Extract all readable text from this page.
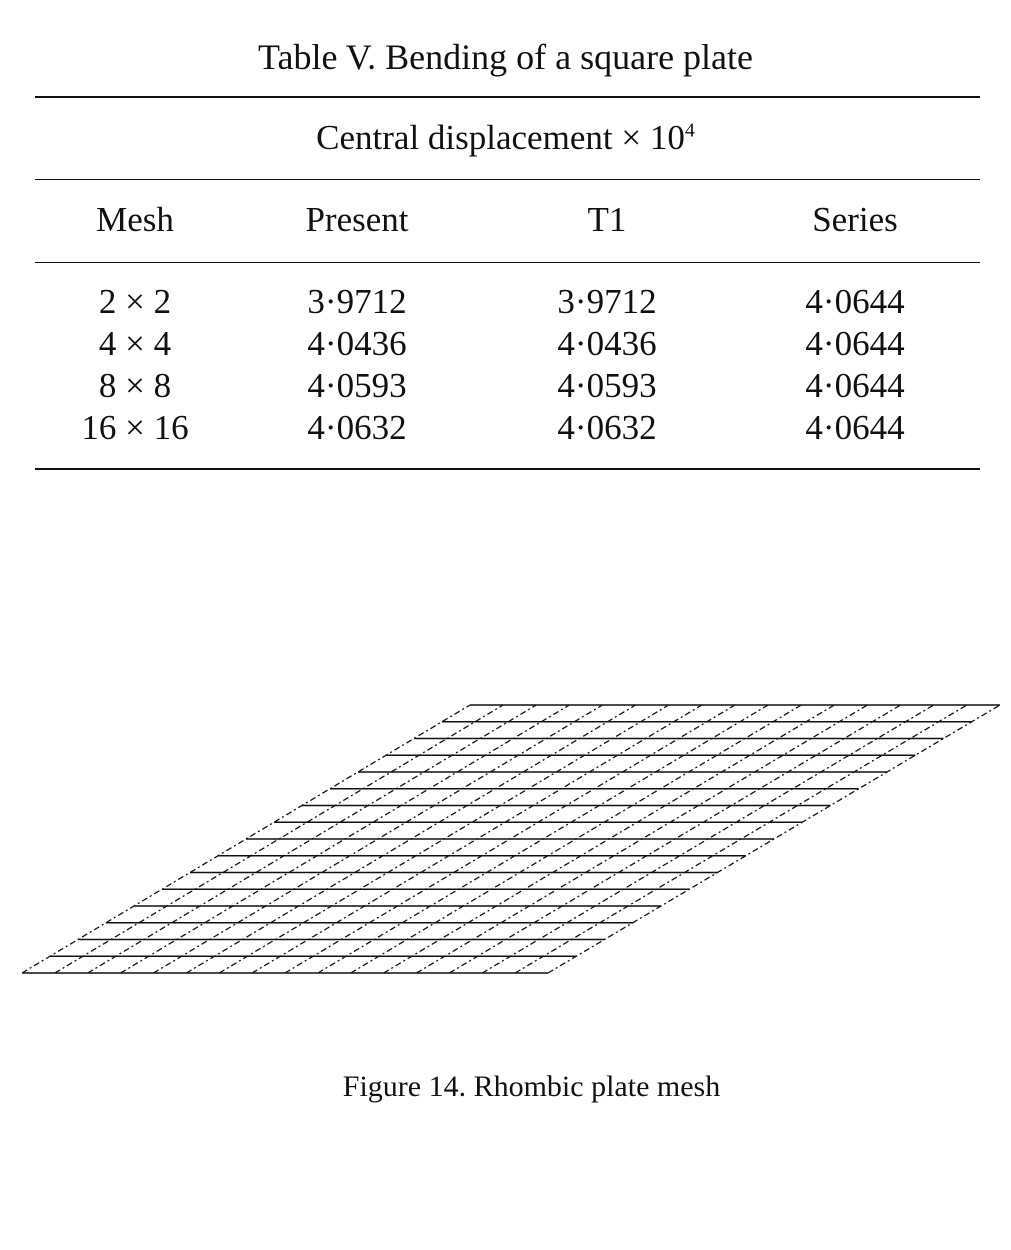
Table V. Bending of a square plate
Central displacement × $10^4$
Mesh	Present	T1	Series
2 × 2	3·9712	3·9712	4·0644
4 × 4	4·0436	4·0436	4·0644
8 × 8	4·0593	4·0593	4·0644
16 × 16	4·0632	4·0632	4·0644
Figure 14. Rhombic plate mesh
